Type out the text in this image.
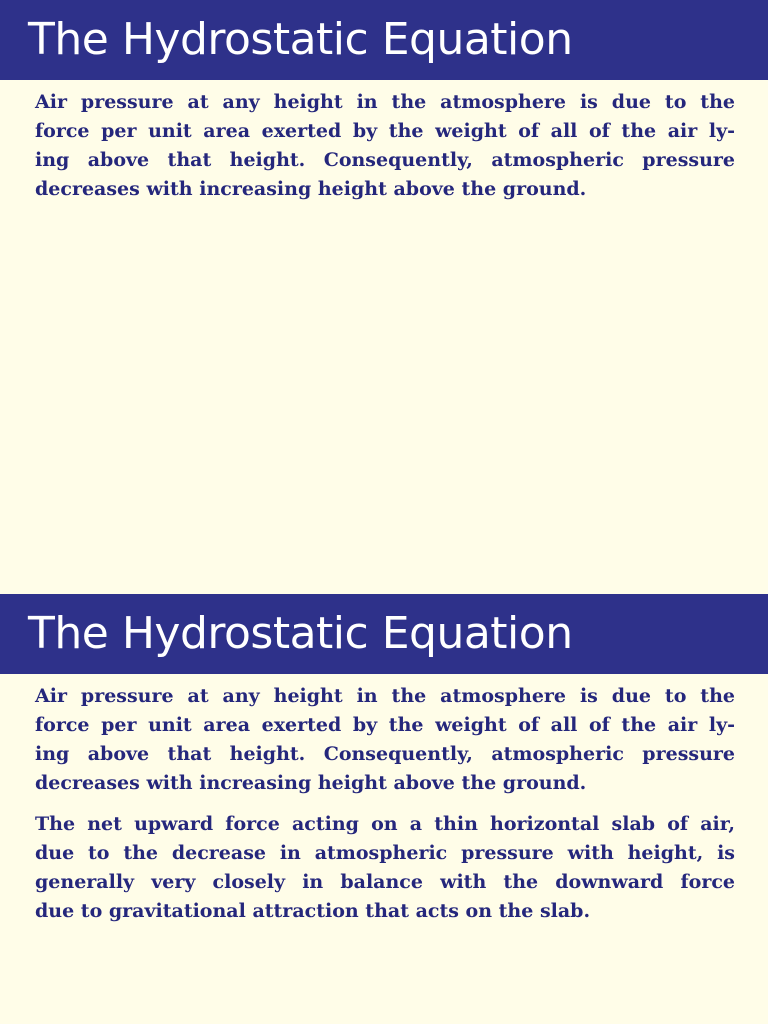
The Hydrostatic Equation

Air pressure at any height in the atmosphere is due to the
force per unit area exerted by the weight of all of the air ly-
ing above that height. Consequently, atmospheric pressure
decreases with increasing height above the ground.

The Hydrostatic Equation

Air pressure at any height in the atmosphere is due to the
force per unit area exerted by the weight of all of the air ly-
ing above that height. Consequently, atmospheric pressure
decreases with increasing height above the ground.

The net upward force acting on a thin horizontal slab of air,
due to the decrease in atmospheric pressure with height, is
generally very closely in balance with the downward force
due to gravitational attraction that acts on the slab.
